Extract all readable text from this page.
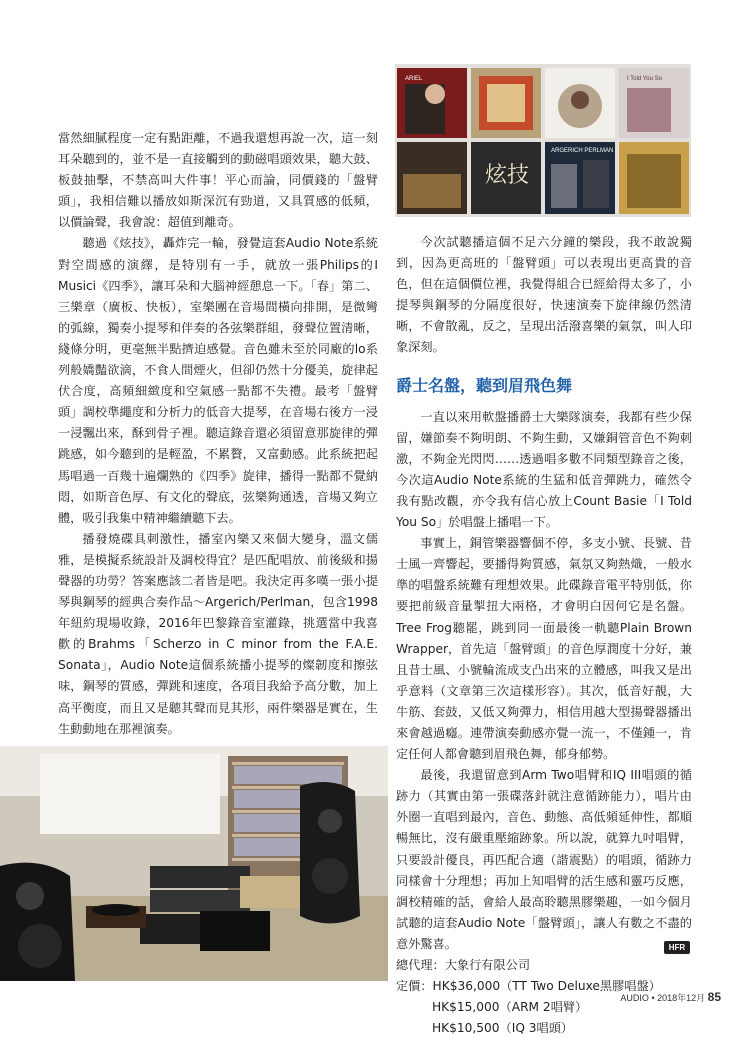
ARIEL	I Told You So
炫技
ARGERICH PERLMAN

當然細膩程度一定有點距離，不過我還想再說一次，這一刻耳朵聽到的，並不是一直接觸到的動磁唱頭效果，聽大鼓、板鼓抽擊，不禁高叫大件事！平心而論，同價錢的「盤臂頭」，我相信難以播放如斯深沉有勁道，又具質感的低頻，以價論聲，我會說：超值到離奇。

聽過《炫技》，轟炸完一輪，發覺這套Audio Note系統對空間感的演繹，是特別有一手，就放一張Philips的I Musici《四季》，讓耳朵和大腦神經憩息一下。「春」第二、三樂章（廣板、快板），室樂團在音場間橫向排開，是微彎的弧線，獨奏小提琴和伴奏的各弦樂群組，發聲位置清晰，綫條分明，更毫無半點擠迫感覺。音色雖未至於同廠的lo系列般嬌豔欲滴，不食人間煙火，但卻仍然十分優美，旋律起伏合度，高頻細緻度和空氣感一點都不失禮。最考「盤臂頭」調校準繩度和分析力的低音大提琴，在音場右後方一浸一浸飄出來，酥到骨子裡。聽這錄音還必須留意那旋律的彈跳感，如今聽到的是輕盈，不累贅，又富動感。此系統把起馬唱過一百幾十遍爛熟的《四季》旋律，播得一點都不覺納悶，如斯音色厚、有文化的聲底，弦樂夠通透，音場又夠立體，吸引我集中精神繼續聽下去。

播發燒碟具刺激性，播室內樂又來個大變身，溫文儒雅，是模擬系統設計及調校得宜？是匹配唱放、前後級和揚聲器的功勞？答案應該二者皆是吧。我決定再多嘆一張小提琴與鋼琴的經典合奏作品～Argerich/Perlman，包含1998年紐約現場收錄，2016年巴黎錄音室灌錄，挑選當中我喜歡的Brahms「Scherzo in C minor from the F.A.E. Sonata」，Audio Note這個系統播小提琴的燦韌度和擦弦味，鋼琴的質感，彈跳和速度，各項目我給予高分數，加上高平衡度，而且又是聽其聲而見其形，兩件樂器是實在，生生動動地在那裡演奏。

今次試聽播這個不足六分鐘的樂段，我不敢說獨到，因為更高班的「盤臂頭」可以表現出更高貴的音色，但在這個價位裡，我覺得組合已經給得太多了，小提琴與鋼琴的分隔度很好，快速演奏下旋律線仍然清晰，不會散亂，反之，呈現出活潑喜樂的氣氛，叫人印象深刻。

爵士名盤，聽到眉飛色舞

一直以來用軟盤播爵士大樂隊演奏，我都有些少保留，嫌節奏不夠明朗、不夠生動，又嫌銅管音色不夠刺激，不夠金光閃閃……透過唱多數不同類型錄音之後，今次這Audio Note系統的生猛和低音彈跳力，確然令我有點改觀，亦令我有信心放上Count Basie「I Told You So」於唱盤上播唱一下。

事實上，銅管樂器響個不停，多支小號、長號、昔士風一齊響起，要播得夠質感，氣氛又夠熱熾，一般水準的唱盤系統難有理想效果。此碟錄音電平特別低，你要把前級音量掣扭大兩格，才會明白因何它是名盤。Tree Frog聽罷，跳到同一面最後一軌聽Plain Brown Wrapper，首先這「盤臂頭」的音色厚潤度十分好，兼且昔士風、小號輪流成支凸出來的立體感，叫我又是出乎意料（文章第三次這樣形容）。其次，低音好靚，大牛筋、套鼓，又低又夠彈力，相信用越大型揚聲器播出來會越過癮。連帶演奏動感亦覺一流一，不僅鍾一，肯定任何人都會聽到眉飛色舞，郁身郁勢。

最後，我還留意到Arm Two唱臂和IQ III唱頭的循跡力（其實由第一張碟落針就注意循跡能力），唱片由外圈一直唱到最內，音色、動態、高低頻延伸性，都順暢無比，沒有嚴重壓縮跡象。所以說，就算九吋唱臂，只要設計優良，再匹配合適（諧震點）的唱頭，循跡力同樣會十分理想；再加上知唱臂的活生感和靈巧反應，調校精確的話，會給人最高聆聽黑膠樂趣，一如今個月試聽的這套Audio Note「盤臂頭」，讓人有數之不盡的意外驚喜。

總代理：大象行有限公司
定價：HK$36,000（TT Two Deluxe黑膠唱盤）
HK$15,000（ARM 2唱臂）
HK$10,500（IQ 3唱頭）
HFR
AUDIO • 2018年12月 85
